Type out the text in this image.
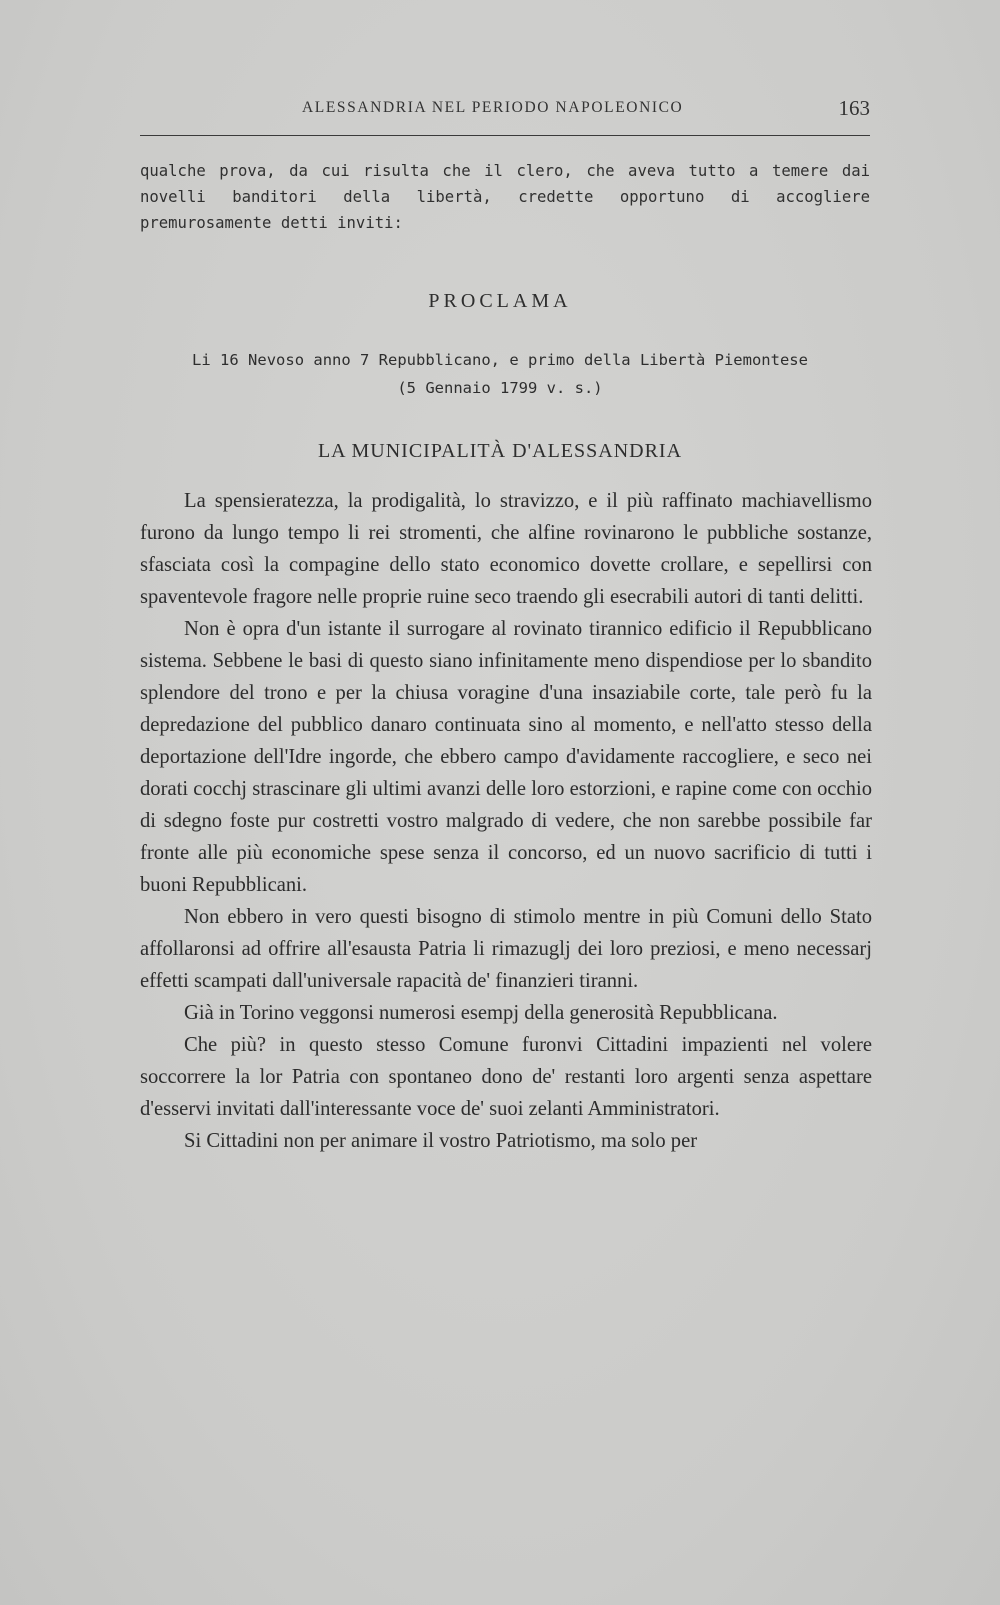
ALESSANDRIA NEL PERIODO NAPOLEONICO	163

qualche prova, da cui risulta che il clero, che aveva tutto a temere dai novelli banditori della libertà, credette opportuno di accogliere premurosamente detti inviti:

PROCLAMA
Li 16 Nevoso anno 7 Repubblicano, e primo della Libertà Piemontese
(5 Gennaio 1799 v. s.)
LA MUNICIPALITÀ D'ALESSANDRIA

La spensieratezza, la prodigalità, lo stravizzo, e il più raffinato machiavellismo furono da lungo tempo li rei stromenti, che alfine rovinarono le pubbliche sostanze, sfasciata così la compagine dello stato economico dovette crollare, e sepellirsi con spaventevole fragore nelle proprie ruine seco traendo gli esecrabili autori di tanti delitti.

Non è opra d'un istante il surrogare al rovinato tirannico edificio il Repubblicano sistema. Sebbene le basi di questo siano infinitamente meno dispendiose per lo sbandito splendore del trono e per la chiusa voragine d'una insaziabile corte, tale però fu la depredazione del pubblico danaro continuata sino al momento, e nell'atto stesso della deportazione dell'Idre ingorde, che ebbero campo d'avidamente raccogliere, e seco nei dorati cocchj strascinare gli ultimi avanzi delle loro estorzioni, e rapine come con occhio di sdegno foste pur costretti vostro malgrado di vedere, che non sarebbe possibile far fronte alle più economiche spese senza il concorso, ed un nuovo sacrificio di tutti i buoni Repubblicani.

Non ebbero in vero questi bisogno di stimolo mentre in più Comuni dello Stato affollaronsi ad offrire all'esausta Patria li rimazuglj dei loro preziosi, e meno necessarj effetti scampati dall'universale rapacità de' finanzieri tiranni.

Già in Torino veggonsi numerosi esempj della generosità Repubblicana.

Che più? in questo stesso Comune furonvi Cittadini impazienti nel volere soccorrere la lor Patria con spontaneo dono de' restanti loro argenti senza aspettare d'esservi invitati dall'interessante voce de' suoi zelanti Amministratori.

Si Cittadini non per animare il vostro Patriotismo, ma solo per
